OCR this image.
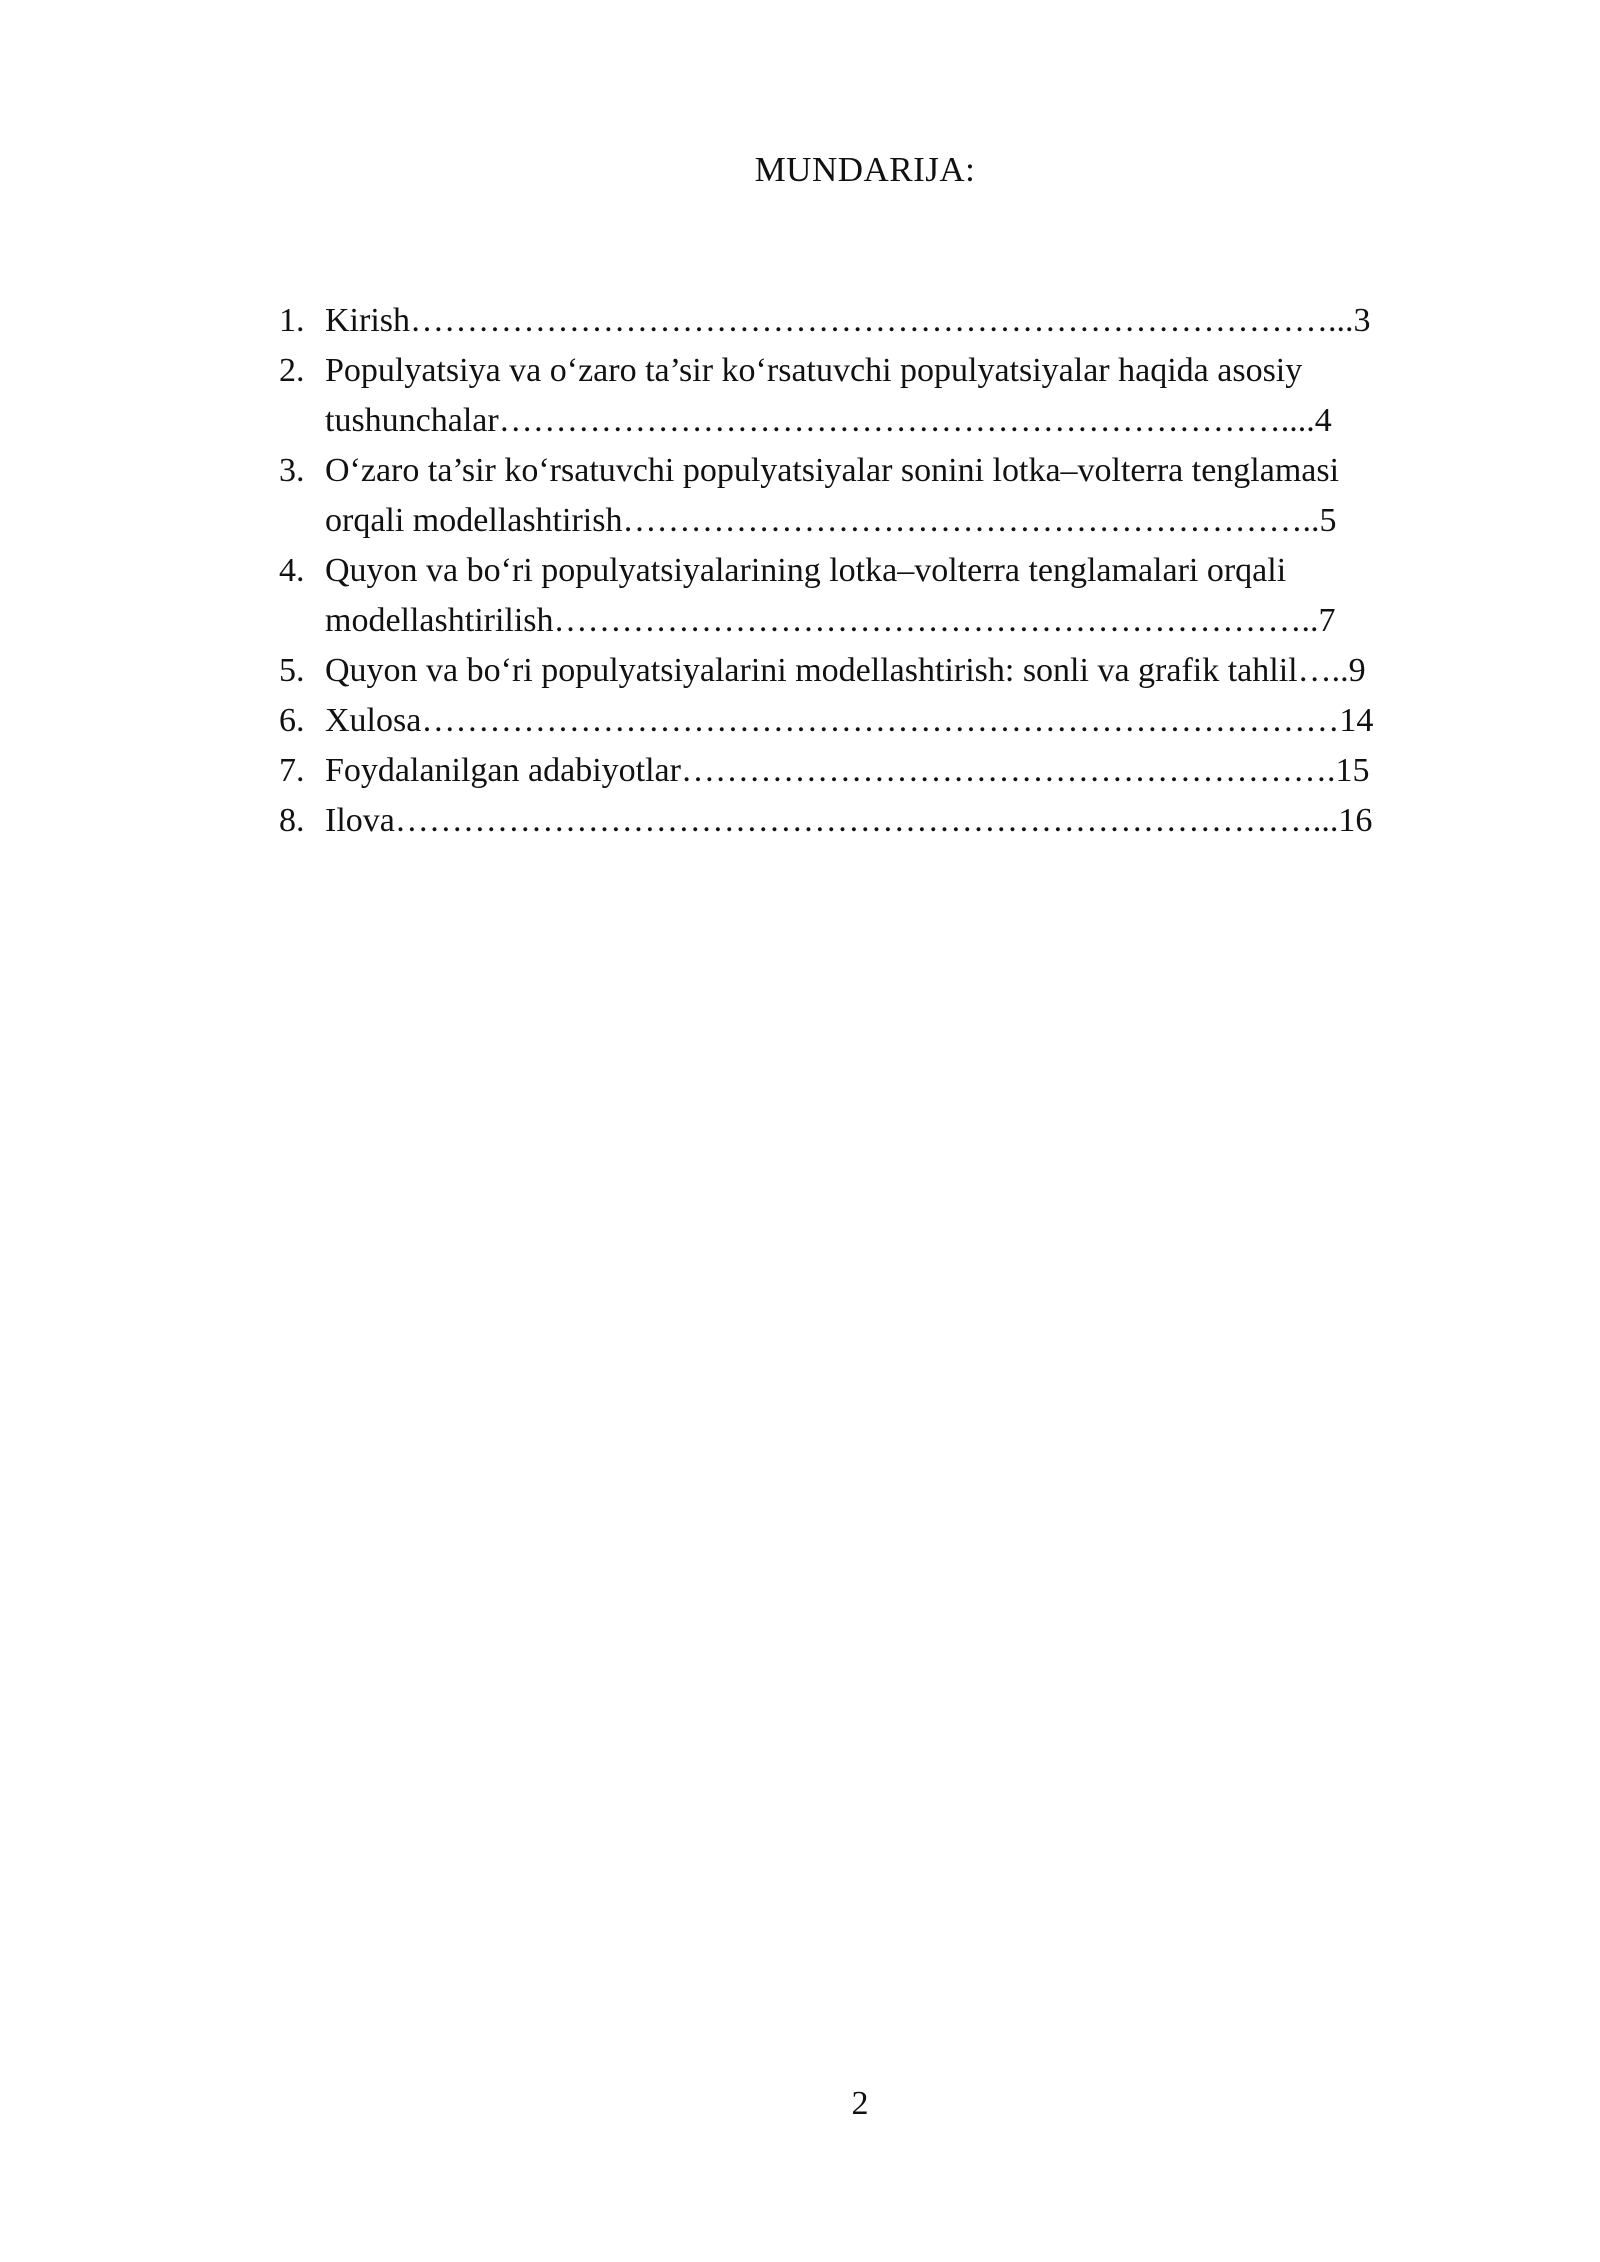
MUNDARIJA:
1. Kirish………………………………………………………………………...3
2. Populyatsiya va o‘zaro ta’sir ko‘rsatuvchi populyatsiyalar haqida asosiy
tushunchalar……………………………………………………………....4
3. O‘zaro ta’sir ko‘rsatuvchi populyatsiyalar sonini lotka–volterra tenglamasi
orqali modellashtirish……………………………………………………..5
4. Quyon va bo‘ri populyatsiyalarining lotka–volterra tenglamalari orqali
modellashtirilish…………………………………………………………..7
5. Quyon va bo‘ri populyatsiyalarini modellashtirish: sonli va grafik tahlil…..9
6. Xulosa………………………………………………………………………14
7. Foydalanilgan adabiyotlar………………………………………………….15
8. Ilova………………………………………………………………………...16
2
